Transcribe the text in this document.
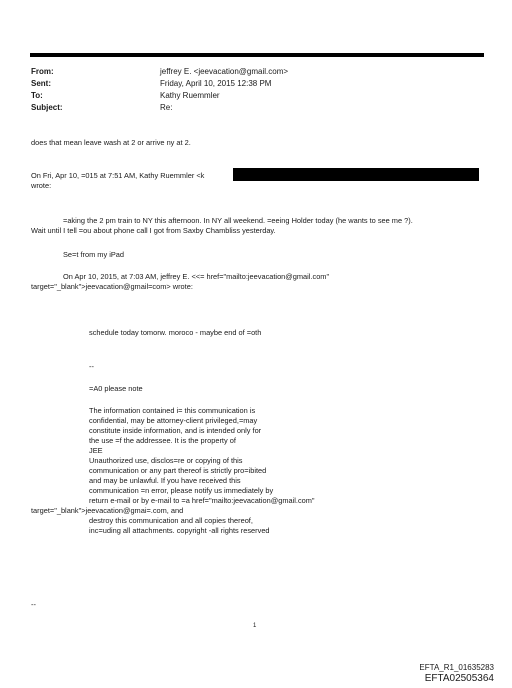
From:	jeffrey E. <jeevacation@gmail.com>
Sent:	Friday, April 10, 2015 12:38 PM
To:	Kathy Ruemmler
Subject:	Re:
does that mean leave wash at 2 or arrive ny at 2.
On Fri, Apr 10, =015 at 7:51 AM, Kathy Ruemmler <k
wrote:
=aking the 2 pm train to NY this afternoon. In NY all weekend. =eeing Holder today (he wants to see me ?).
Wait until I tell =ou about phone call I got from Saxby Chambliss yesterday.
Se=t from my iPad
On Apr 10, 2015, at 7:03 AM, jeffrey E. <<= href="mailto:jeevacation@gmail.com"
target="_blank">jeevacation@gmail=com> wrote:
schedule today tomorw. moroco - maybe end of =oth
--
=A0 please note
The information contained i= this communication is
confidential, may be attorney-client privileged,=may
constitute inside information, and is intended only for
the use =f the addressee. It is the property of
JEE
Unauthorized use, disclos=re or copying of this
communication or any part thereof is strictly pro=ibited
and may be unlawful. If you have received this
communication =n error, please notify us immediately by
return e-mail or by e-mail to =a href="mailto:jeevacation@gmail.com"
target="_blank">jeevacation@gmai=.com, and
destroy this communication and all copies thereof,
inc=uding all attachments. copyright -all rights reserved
--
1
EFTA_R1_01635283
EFTA02505364
